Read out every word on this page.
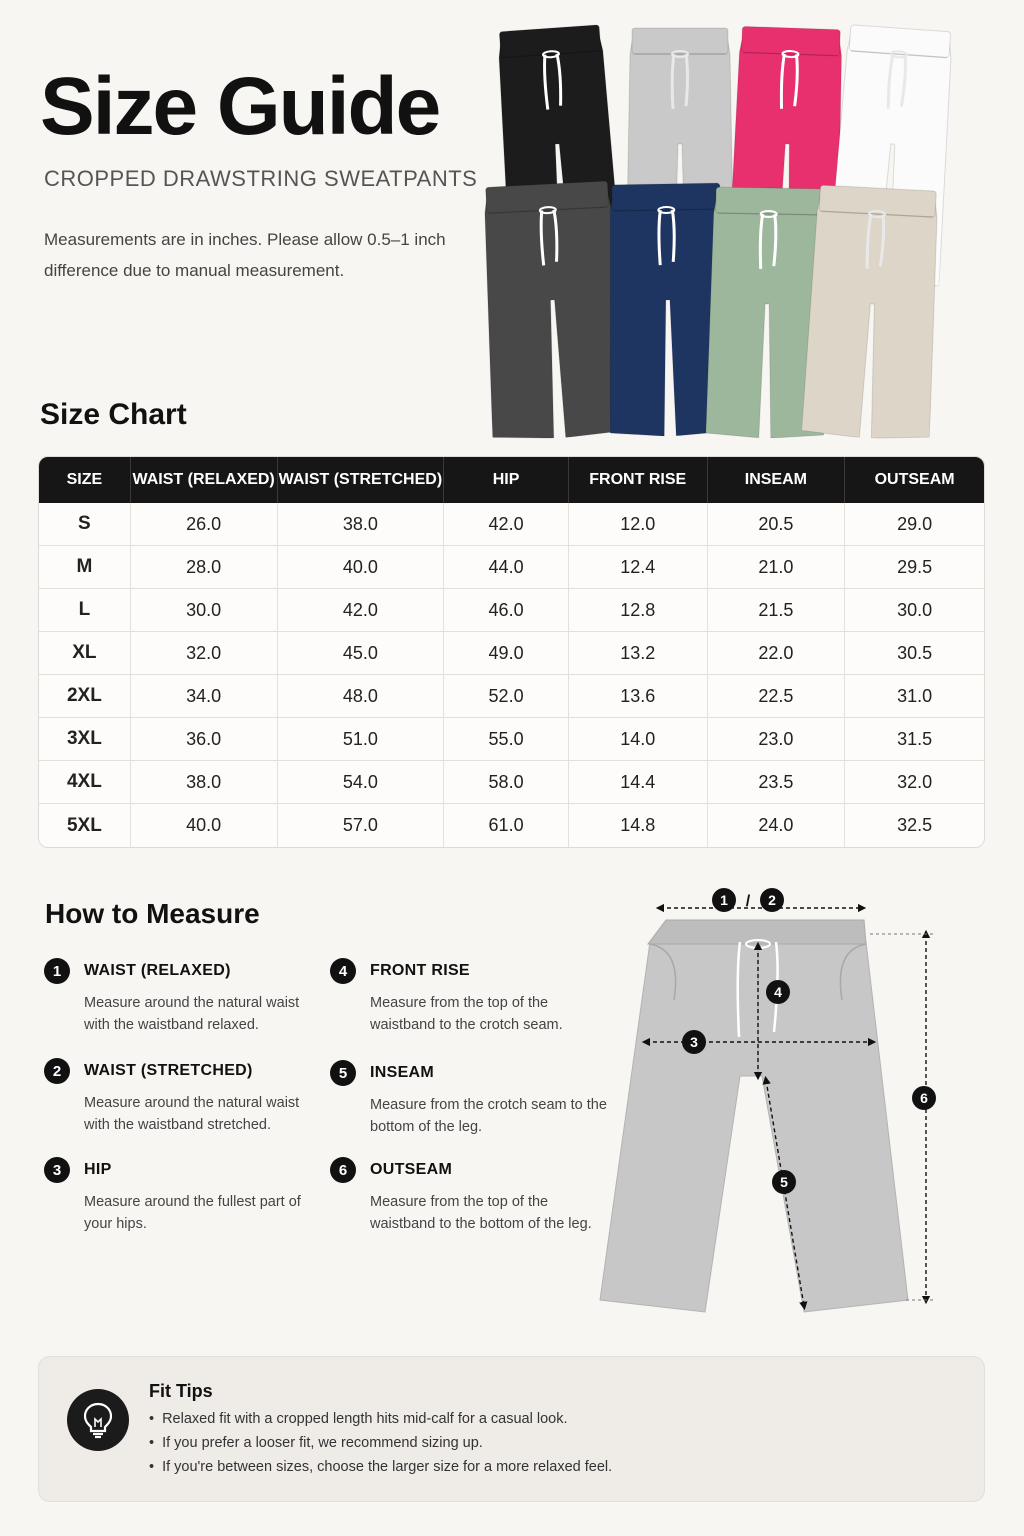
Size Guide
CROPPED DRAWSTRING SWEATPANTS

Measurements are in inches. Please allow 0.5–1 inch difference due to manual measurement.

Size Chart
SIZE	WAIST (RELAXED)	WAIST (STRETCHED)	HIP	FRONT RISE	INSEAM	OUTSEAM
S	26.0	38.0	42.0	12.0	20.5	29.0
M	28.0	40.0	44.0	12.4	21.0	29.5
L	30.0	42.0	46.0	12.8	21.5	30.0
XL	32.0	45.0	49.0	13.2	22.0	30.5
2XL	34.0	48.0	52.0	13.6	22.5	31.0
3XL	36.0	51.0	55.0	14.0	23.0	31.5
4XL	38.0	54.0	58.0	14.4	23.5	32.0
5XL	40.0	57.0	61.0	14.8	24.0	32.5
How to Measure
1	WAIST (RELAXED)
Measure around the natural waist with the waistband relaxed.
2	WAIST (STRETCHED)
Measure around the natural waist with the waistband stretched.
3	HIP
Measure around the fullest part of your hips.
4	FRONT RISE
Measure from the top of the waistband to the crotch seam.
5	INSEAM
Measure from the crotch seam to the bottom of the leg.
6	OUTSEAM
Measure from the top of the waistband to the bottom of the leg.
1 / 2
4
3
5
6
Fit Tips
• Relaxed fit with a cropped length hits mid-calf for a casual look.
• If you prefer a looser fit, we recommend sizing up.
• If you're between sizes, choose the larger size for a more relaxed feel.
